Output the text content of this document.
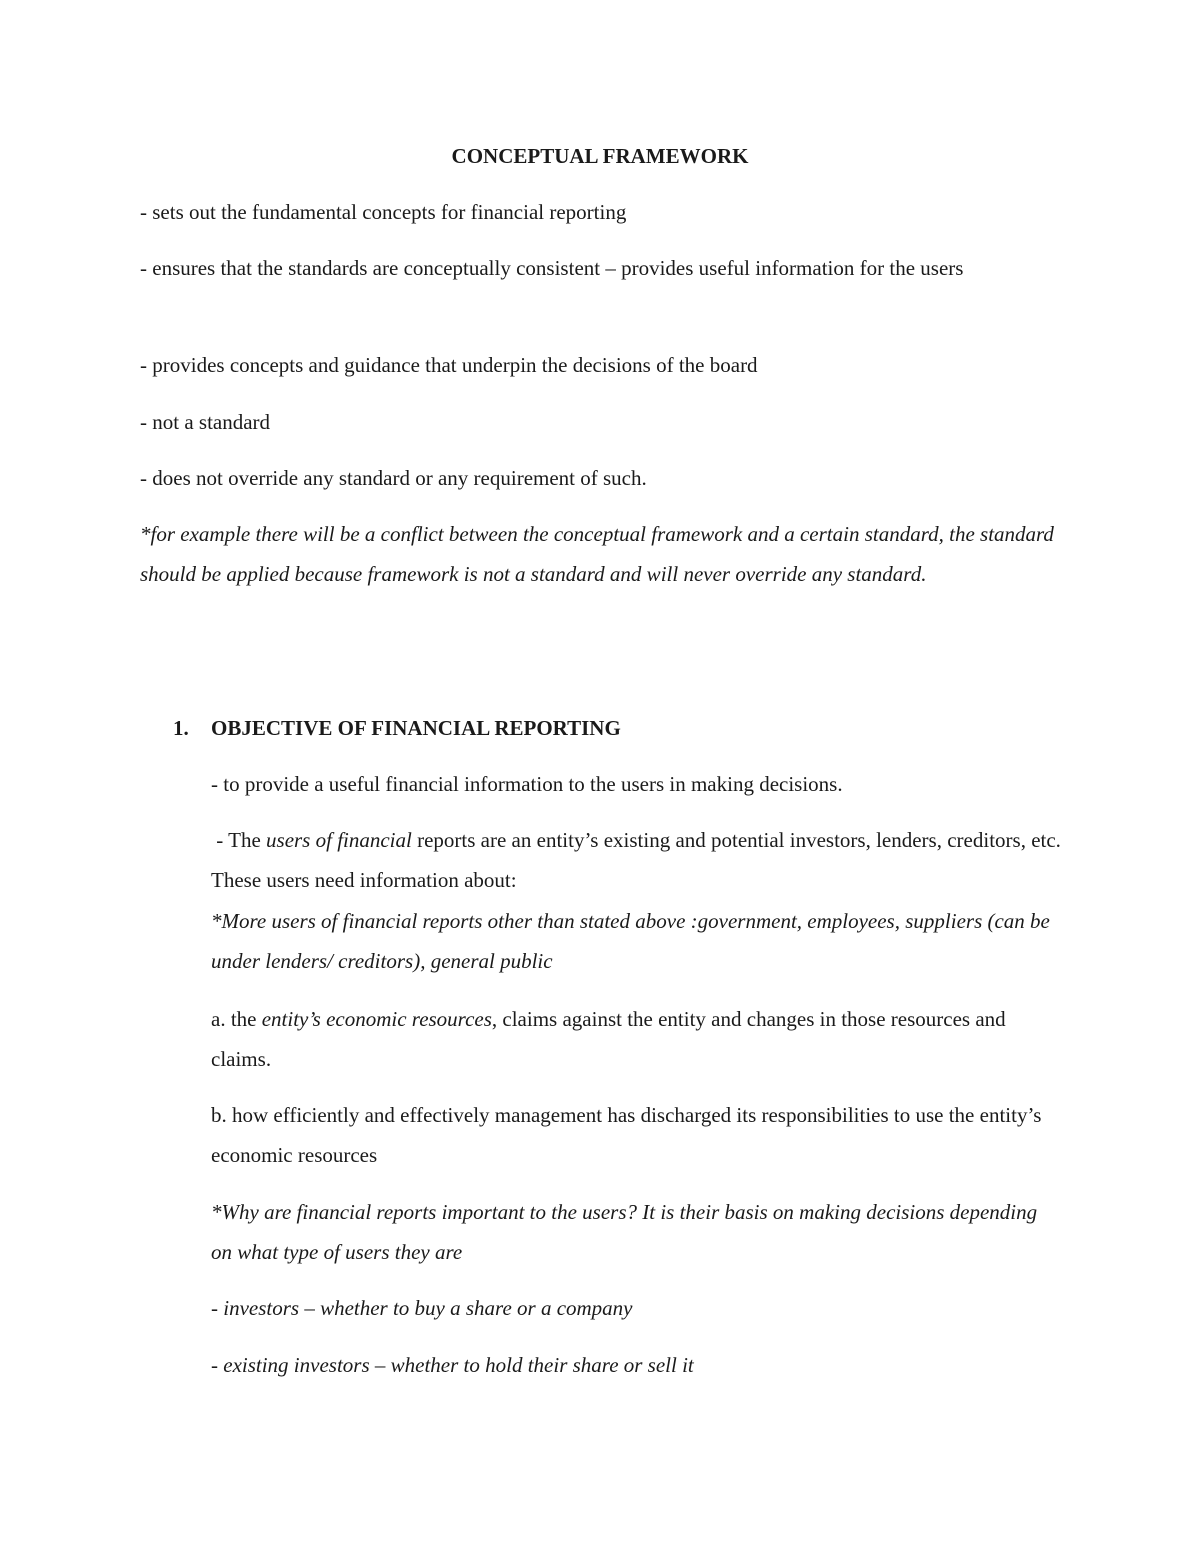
CONCEPTUAL FRAMEWORK

- sets out the fundamental concepts for financial reporting

- ensures that the standards are conceptually consistent – provides useful information for the users

- provides concepts and guidance that underpin the decisions of the board

- not a standard

- does not override any standard or any requirement of such.

*for example there will be a conflict between the conceptual framework and a certain standard, the standard should be applied because framework is not a standard and will never override any standard.

1. OBJECTIVE OF FINANCIAL REPORTING

- to provide a useful financial information to the users in making decisions.

- The users of financial reports are an entity’s existing and potential investors, lenders, creditors, etc. These users need information about:

*More users of financial reports other than stated above :government, employees, suppliers (can be under lenders/ creditors), general public

a. the entity’s economic resources, claims against the entity and changes in those resources and claims.

b. how efficiently and effectively management has discharged its responsibilities to use the entity’s economic resources

*Why are financial reports important to the users? It is their basis on making decisions depending on what type of users they are

- investors – whether to buy a share or a company

- existing investors – whether to hold their share or sell it
